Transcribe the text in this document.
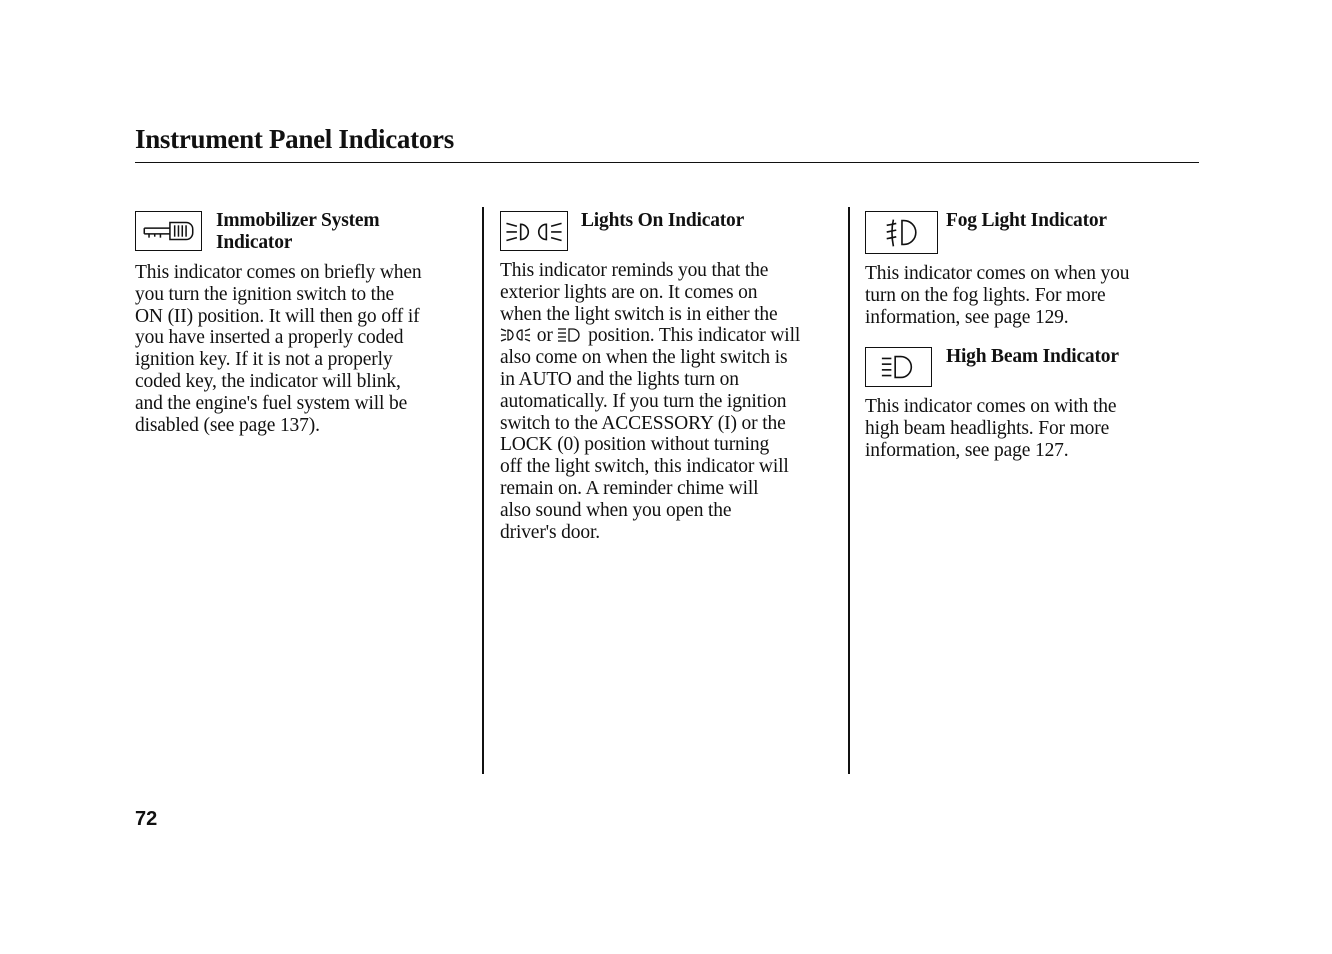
Instrument Panel Indicators
Immobilizer System
Indicator
This indicator comes on briefly when
you turn the ignition switch to the
ON (II) position. It will then go off if
you have inserted a properly coded
ignition key. If it is not a properly
coded key, the indicator will blink,
and the engine's fuel system will be
disabled (see page 137).
Lights On Indicator
This indicator reminds you that the
exterior lights are on. It comes on
when the light switch is in either the
or position. This indicator will
also come on when the light switch is
in AUTO and the lights turn on
automatically. If you turn the ignition
switch to the ACCESSORY (I) or the
LOCK (0) position without turning
off the light switch, this indicator will
remain on. A reminder chime will
also sound when you open the
driver's door.
Fog Light Indicator
This indicator comes on when you
turn on the fog lights. For more
information, see page 129.
High Beam Indicator
This indicator comes on with the
high beam headlights. For more
information, see page 127.
72
